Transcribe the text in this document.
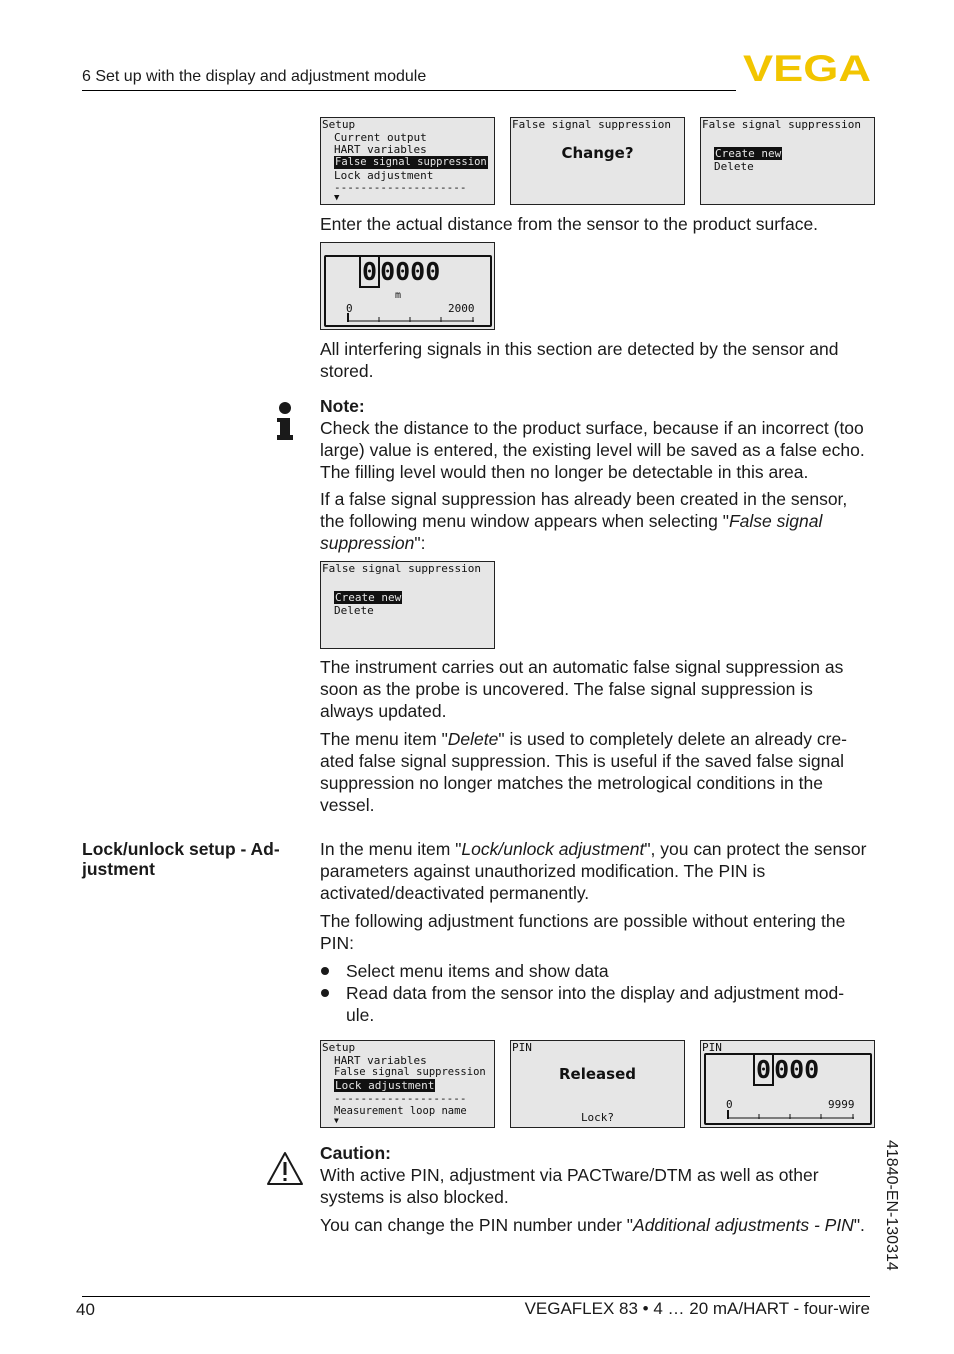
6 Set up with the display and adjustment module	VEGA
Setup
Current output
HART variables
False signal suppression
Lock adjustment
--------------------
▼
False signal suppression
Change?
False signal suppression
Create new
Delete

Enter the actual distance from the sensor to the product surface.

0 0000
m
0	2000

All interfering signals in this section are detected by the sensor and stored.

Note:

Check the distance to the product surface, because if an incorrect (too large) value is entered, the existing level will be saved as a false echo. The filling level would then no longer be detectable in this area.

If a false signal suppression has already been created in the sensor, the following menu window appears when selecting "False signal suppression":

False signal suppression
Create new
Delete

The instrument carries out an automatic false signal suppression as soon as the probe is uncovered. The false signal suppression is always updated.

The menu item "Delete" is used to completely delete an already cre-ated false signal suppression. This is useful if the saved false signal suppression no longer matches the metrological conditions in the vessel.

Lock/unlock setup - Ad-justment

In the menu item "Lock/unlock adjustment", you can protect the sensor parameters against unauthorized modification. The PIN is activated/deactivated permanently.

The following adjustment functions are possible without entering the PIN:

Select menu items and show data

Read data from the sensor into the display and adjustment mod-ule.

Setup
HART variables
False signal suppression
Lock adjustment
--------------------
Measurement loop name
▼
PIN
Released
Lock?
PIN
0 000
0	9999

Caution:

With active PIN, adjustment via PACTware/DTM as well as other systems is also blocked.

You can change the PIN number under "Additional adjustments - PIN".	41840-EN-130314
40	VEGAFLEX 83 • 4 … 20 mA/HART - four-wire
